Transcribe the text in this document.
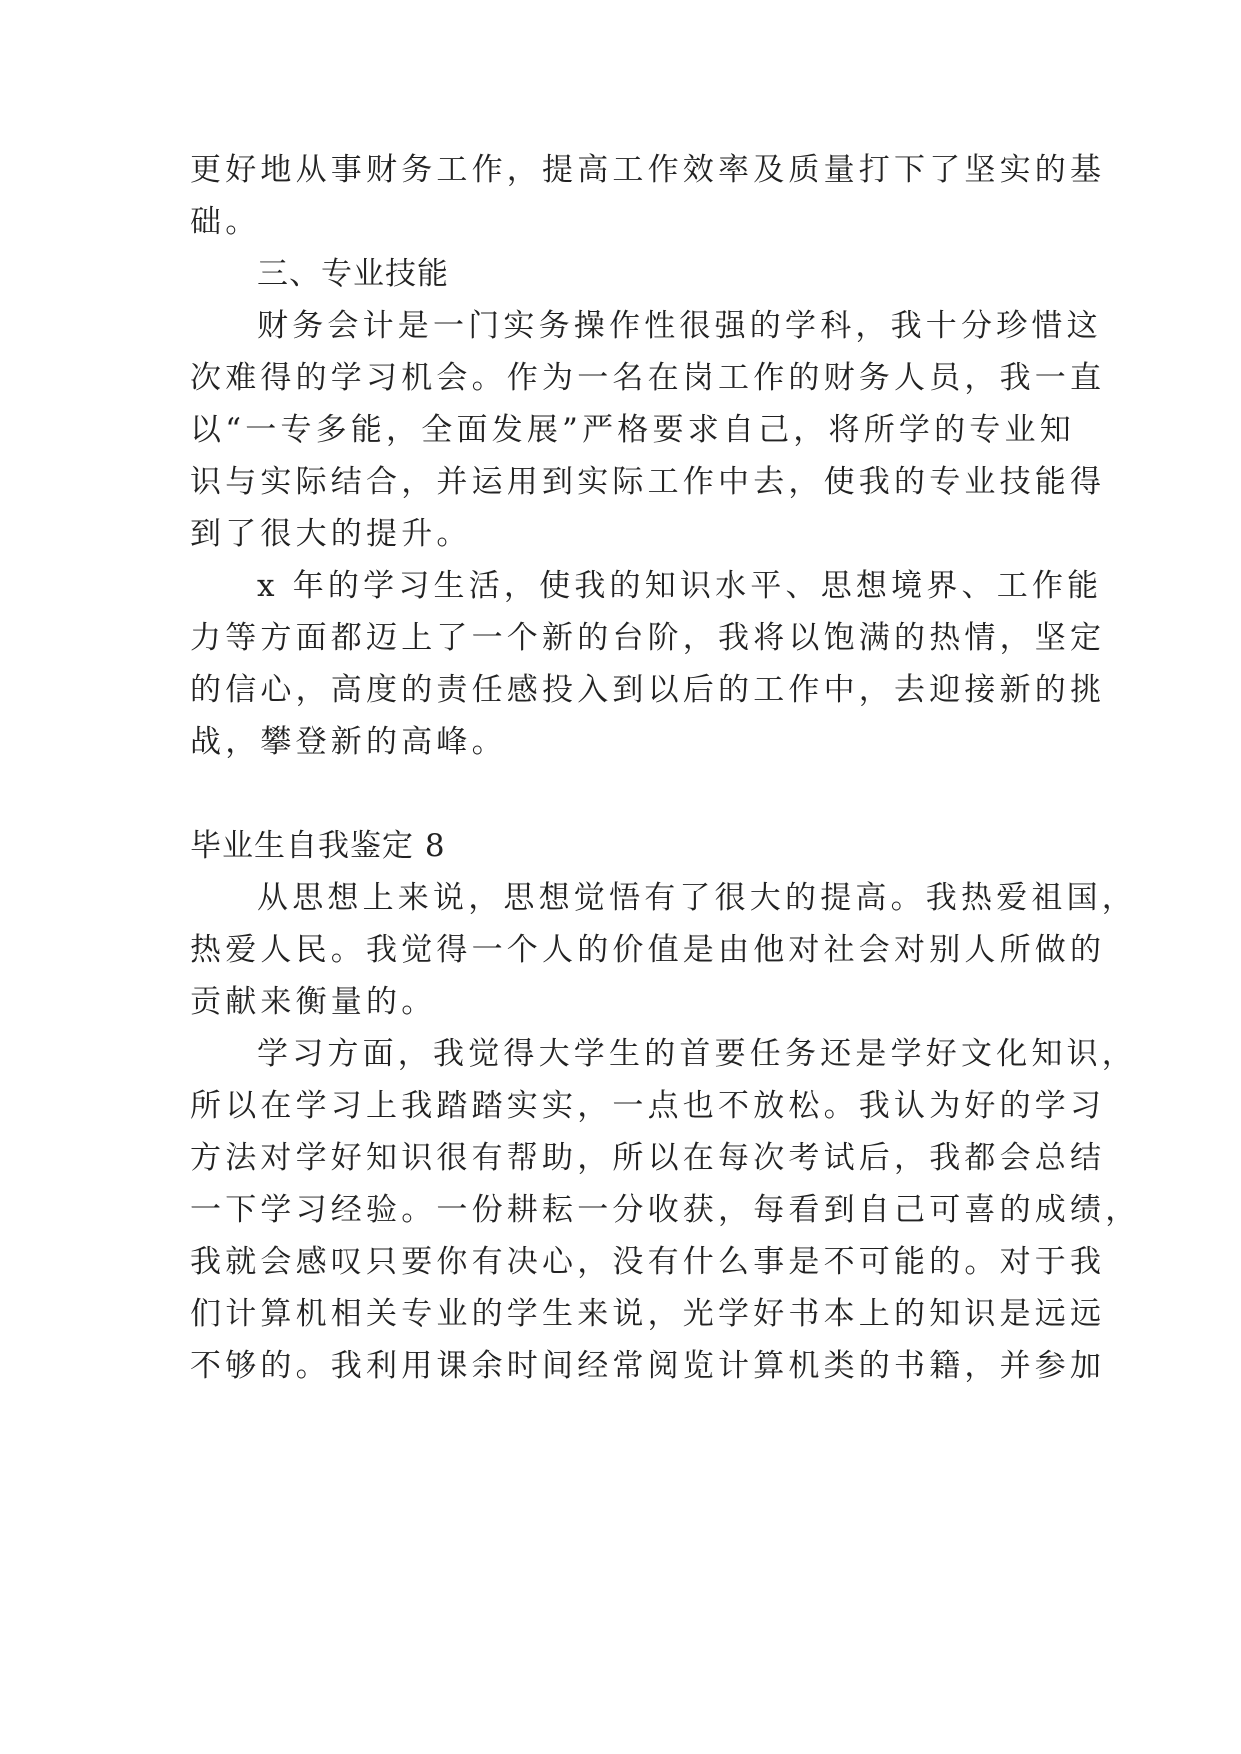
更好地从事财务工作，提高工作效率及质量打下了坚实的基

础。

三、专业技能

财务会计是一门实务操作性很强的学科，我十分珍惜这

次难得的学习机会。作为一名在岗工作的财务人员，我一直

以“一专多能，全面发展”严格要求自己，将所学的专业知

识与实际结合，并运用到实际工作中去，使我的专业技能得

到了很大的提升。

x 年的学习生活，使我的知识水平、思想境界、工作能

力等方面都迈上了一个新的台阶，我将以饱满的热情，坚定

的信心，高度的责任感投入到以后的工作中，去迎接新的挑

战，攀登新的高峰。

毕业生自我鉴定 8

从思想上来说，思想觉悟有了很大的提高。我热爱祖国，

热爱人民。我觉得一个人的价值是由他对社会对别人所做的

贡献来衡量的。

学习方面，我觉得大学生的首要任务还是学好文化知识，

所以在学习上我踏踏实实，一点也不放松。我认为好的学习

方法对学好知识很有帮助，所以在每次考试后，我都会总结

一下学习经验。一份耕耘一分收获，每看到自己可喜的成绩，

我就会感叹只要你有决心，没有什么事是不可能的。对于我

们计算机相关专业的学生来说，光学好书本上的知识是远远

不够的。我利用课余时间经常阅览计算机类的书籍，并参加
